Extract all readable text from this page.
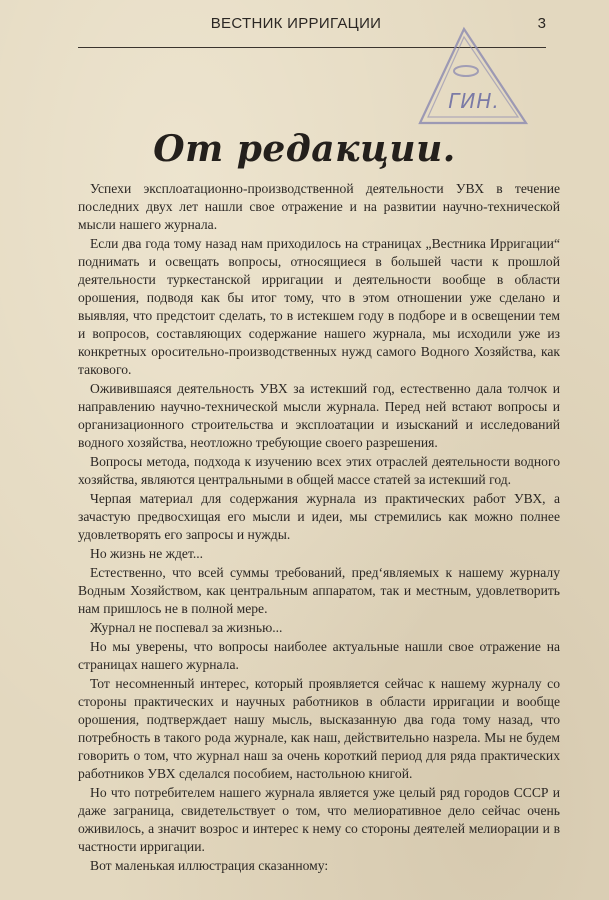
ВЕСТНИК ИРРИГАЦИИ	3
ГИН.
От редакции.

Успехи эксплоатационно-производственной деятельности УВХ в течение последних двух лет нашли свое отражение и на развитии научно-технической мысли нашего журнала.

Если два года тому назад нам приходилось на страницах „Вестника Ирригации“ поднимать и освещать вопросы, относящиеся в большей части к прошлой деятельности туркестанской ирригации и деятельности вообще в области орошения, подводя как бы итог тому, что в этом отношении уже сделано и выявляя, что предстоит сделать, то в истекшем году в подборе и в освещении тем и вопросов, составляющих содержание нашего журнала, мы исходили уже из конкретных оросительно-производственных нужд самого Водного Хозяйства, как такового.

Оживившаяся деятельность УВХ за истекший год, естественно дала толчок и направлению научно-технической мысли журнала. Перед ней встают вопросы и организационного строительства и эксплоатации и изысканий и исследований водного хозяйства, неотложно требующие своего разрешения.

Вопросы метода, подхода к изучению всех этих отраслей деятельности водного хозяйства, являются центральными в общей массе статей за истекший год.

Черпая материал для содержания журнала из практических работ УВХ, а зачастую предвосхищая его мысли и идеи, мы стремились как можно полнее удовлетворять его запросы и нужды.

Но жизнь не ждет...

Естественно, что всей суммы требований, пред‘являемых к нашему журналу Водным Хозяйством, как центральным аппаратом, так и местным, удовлетворить нам пришлось не в полной мере.

Журнал не поспевал за жизнью...

Но мы уверены, что вопросы наиболее актуальные нашли свое отражение на страницах нашего журнала.

Тот несомненный интерес, который проявляется сейчас к нашему журналу со стороны практических и научных работников в области ирригации и вообще орошения, подтверждает нашу мысль, высказанную два года тому назад, что потребность в такого рода журнале, как наш, действительно назрела. Мы не будем говорить о том, что журнал наш за очень короткий период для ряда практических работников УВХ сделался пособием, настольною книгой.

Но что потребителем нашего журнала является уже целый ряд городов СССР и даже заграница, свидетельствует о том, что мелиоративное дело сейчас очень оживилось, а значит возрос и интерес к нему со стороны деятелей мелиорации и в частности ирригации.

Вот маленькая иллюстрация сказанному:
